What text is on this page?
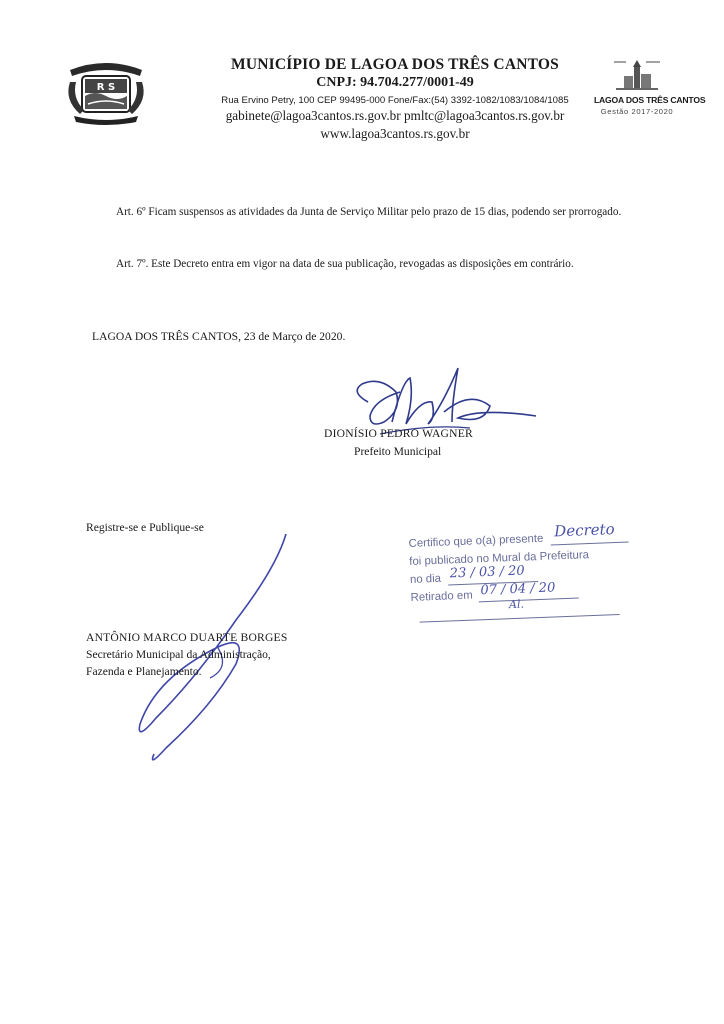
R S
MUNICÍPIO DE LAGOA DOS TRÊS CANTOS
CNPJ: 94.704.277/0001-49
Rua Ervino Petry, 100 CEP 99495-000 Fone/Fax:(54) 3392-1082/1083/1084/1085
gabinete@lagoa3cantos.rs.gov.br pmltc@lagoa3cantos.rs.gov.br
www.lagoa3cantos.rs.gov.br
LAGOA DOS TRÊS CANTOS
Gestão 2017-2020
Art. 6º Ficam suspensos as atividades da Junta de Serviço Militar pelo prazo de 15 dias, podendo ser prorrogado.
Art. 7º. Este Decreto entra em vigor na data de sua publicação, revogadas as disposições em contrário.
LAGOA DOS TRÊS CANTOS, 23 de Março de 2020.
DIONÍSIO PEDRO WAGNER
Prefeito Municipal
Registre-se e Publique-se
Certifico que o(a) presente
Decreto
foi publicado no Mural da Prefeitura
no dia 23 / 03 / 20
Retirado em 07 / 04 / 20
Al.
ANTÔNIO MARCO DUARTE BORGES
Secretário Municipal da Administração,
Fazenda e Planejamento.
